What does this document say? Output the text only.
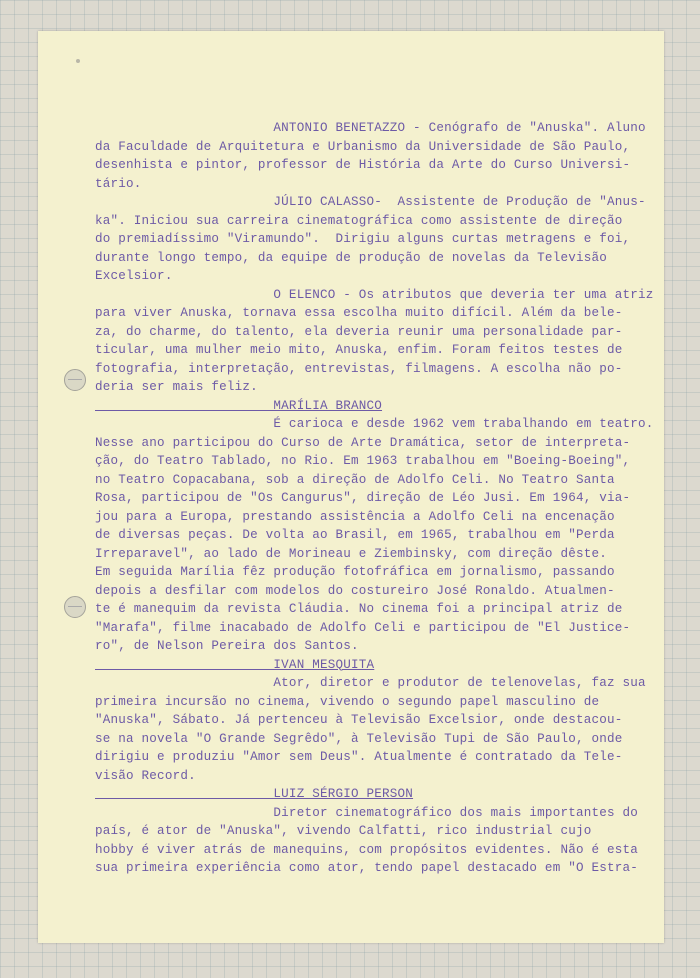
ANTONIO BENETAZZO - Cenógrafo de "Anuska". Aluno
da Faculdade de Arquitetura e Urbanismo da Universidade de São Paulo,
desenhista e pintor, professor de História da Arte do Curso Universi-
tário.
JÚLIO CALASSO-  Assistente de Produção de "Anus-
ka". Iniciou sua carreira cinematográfica como assistente de direção
do premiadíssimo "Viramundo".  Dirigiu alguns curtas metragens e foi,
durante longo tempo, da equipe de produção de novelas da Televisão
Excelsior.
O ELENCO - Os atributos que deveria ter uma atriz
para viver Anuska, tornava essa escolha muito difícil. Além da bele-
za, do charme, do talento, ela deveria reunir uma personalidade par-
ticular, uma mulher meio mito, Anuska, enfim. Foram feitos testes de
fotografia, interpretação, entrevistas, filmagens. A escolha não po-
deria ser mais feliz.
MARÍLIA BRANCO
É carioca e desde 1962 vem trabalhando em teatro.
Nesse ano participou do Curso de Arte Dramática, setor de interpreta-
ção, do Teatro Tablado, no Rio. Em 1963 trabalhou em "Boeing-Boeing",
no Teatro Copacabana, sob a direção de Adolfo Celi. No Teatro Santa
Rosa, participou de "Os Cangurus", direção de Léo Jusi. Em 1964, via-
jou para a Europa, prestando assistência a Adolfo Celi na encenação
de diversas peças. De volta ao Brasil, em 1965, trabalhou em "Perda
Irreparavel", ao lado de Morineau e Ziembinsky, com direção dêste.
Em seguida Marília fêz produção fotofráfica em jornalismo, passando
depois a desfilar com modelos do costureiro José Ronaldo. Atualmen-
te é manequim da revista Cláudia. No cinema foi a principal atriz de
"Marafa", filme inacabado de Adolfo Celi e participou de "El Justice-
ro", de Nelson Pereira dos Santos.
IVAN MESQUITA
Ator, diretor e produtor de telenovelas, faz sua
primeira incursão no cinema, vivendo o segundo papel masculino de
"Anuska", Sábato. Já pertenceu à Televisão Excelsior, onde destacou-
se na novela "O Grande Segrêdo", à Televisão Tupi de São Paulo, onde
dirigiu e produziu "Amor sem Deus". Atualmente é contratado da Tele-
visão Record.
LUIZ SÉRGIO PERSON
Diretor cinematográfico dos mais importantes do
país, é ator de "Anuska", vivendo Calfatti, rico industrial cujo
hobby é viver atrás de manequins, com propósitos evidentes. Não é esta
sua primeira experiência como ator, tendo papel destacado em "O Estra-
